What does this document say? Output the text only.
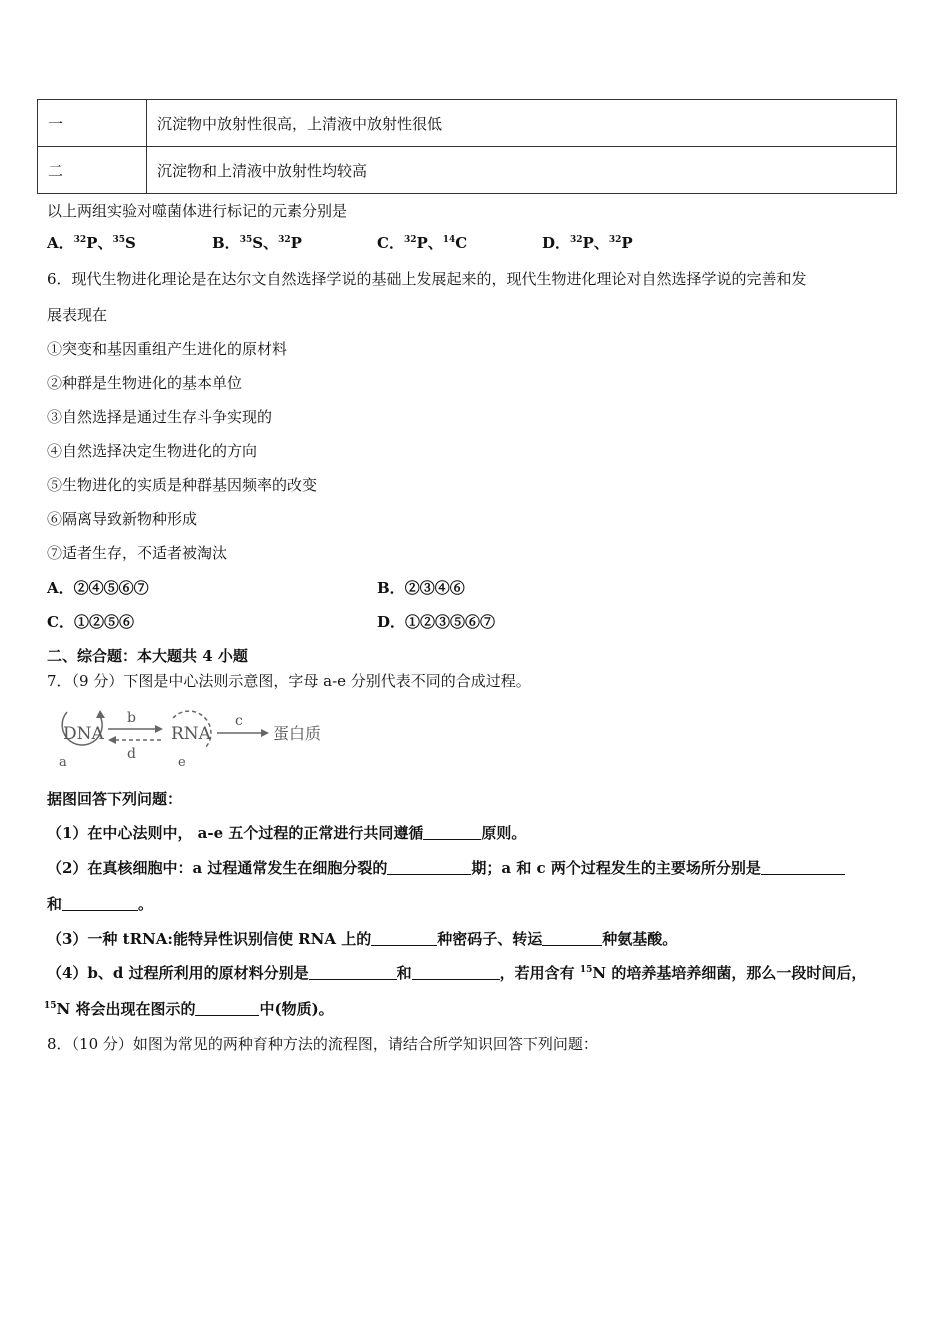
一	沉淀物中放射性很高，上清液中放射性很低
二	沉淀物和上清液中放射性均较高
以上两组实验对噬菌体进行标记的元素分别是
A．$^{32}$P、$^{35}$S	B．$^{35}$S、$^{32}$P	C．$^{32}$P、$^{14}$C	D．$^{32}$P、$^{32}$P
6．现代生物进化理论是在达尔文自然选择学说的基础上发展起来的，现代生物进化理论对自然选择学说的完善和发
展表现在
①突变和基因重组产生进化的原材料
②种群是生物进化的基本单位
③自然选择是通过生存斗争实现的
④自然选择决定生物进化的方向
⑤生物进化的实质是种群基因频率的改变
⑥隔离导致新物种形成
⑦适者生存，不适者被淘汰
A．②④⑤⑥⑦	B．②③④⑥
C．①②⑤⑥	D．①②③⑤⑥⑦
二、综合题：本大题共 4 小题
7．（9 分）下图是中心法则示意图，字母 a-e 分别代表不同的合成过程。
DNA
a
b
d
RNA
e
c
蛋白质
据图回答下列问题：
（1）在中心法则中， a-e 五个过程的正常进行共同遵循	原则。
（2）在真核细胞中：a 过程通常发生在细胞分裂的	期；a 和 c 两个过程发生的主要场所分别是
和	。
（3）一种 tRNA:能特异性识别信使 RNA 上的	种密码子、转运	种氨基酸。
（4）b、d 过程所利用的原材料分别是	和	，若用含有 $^{15}$N 的培养基培养细菌，那么一段时间后，
$^{15}$N 将会出现在图示的	中(物质)。
8．（10 分）如图为常见的两种育种方法的流程图，请结合所学知识回答下列问题：
